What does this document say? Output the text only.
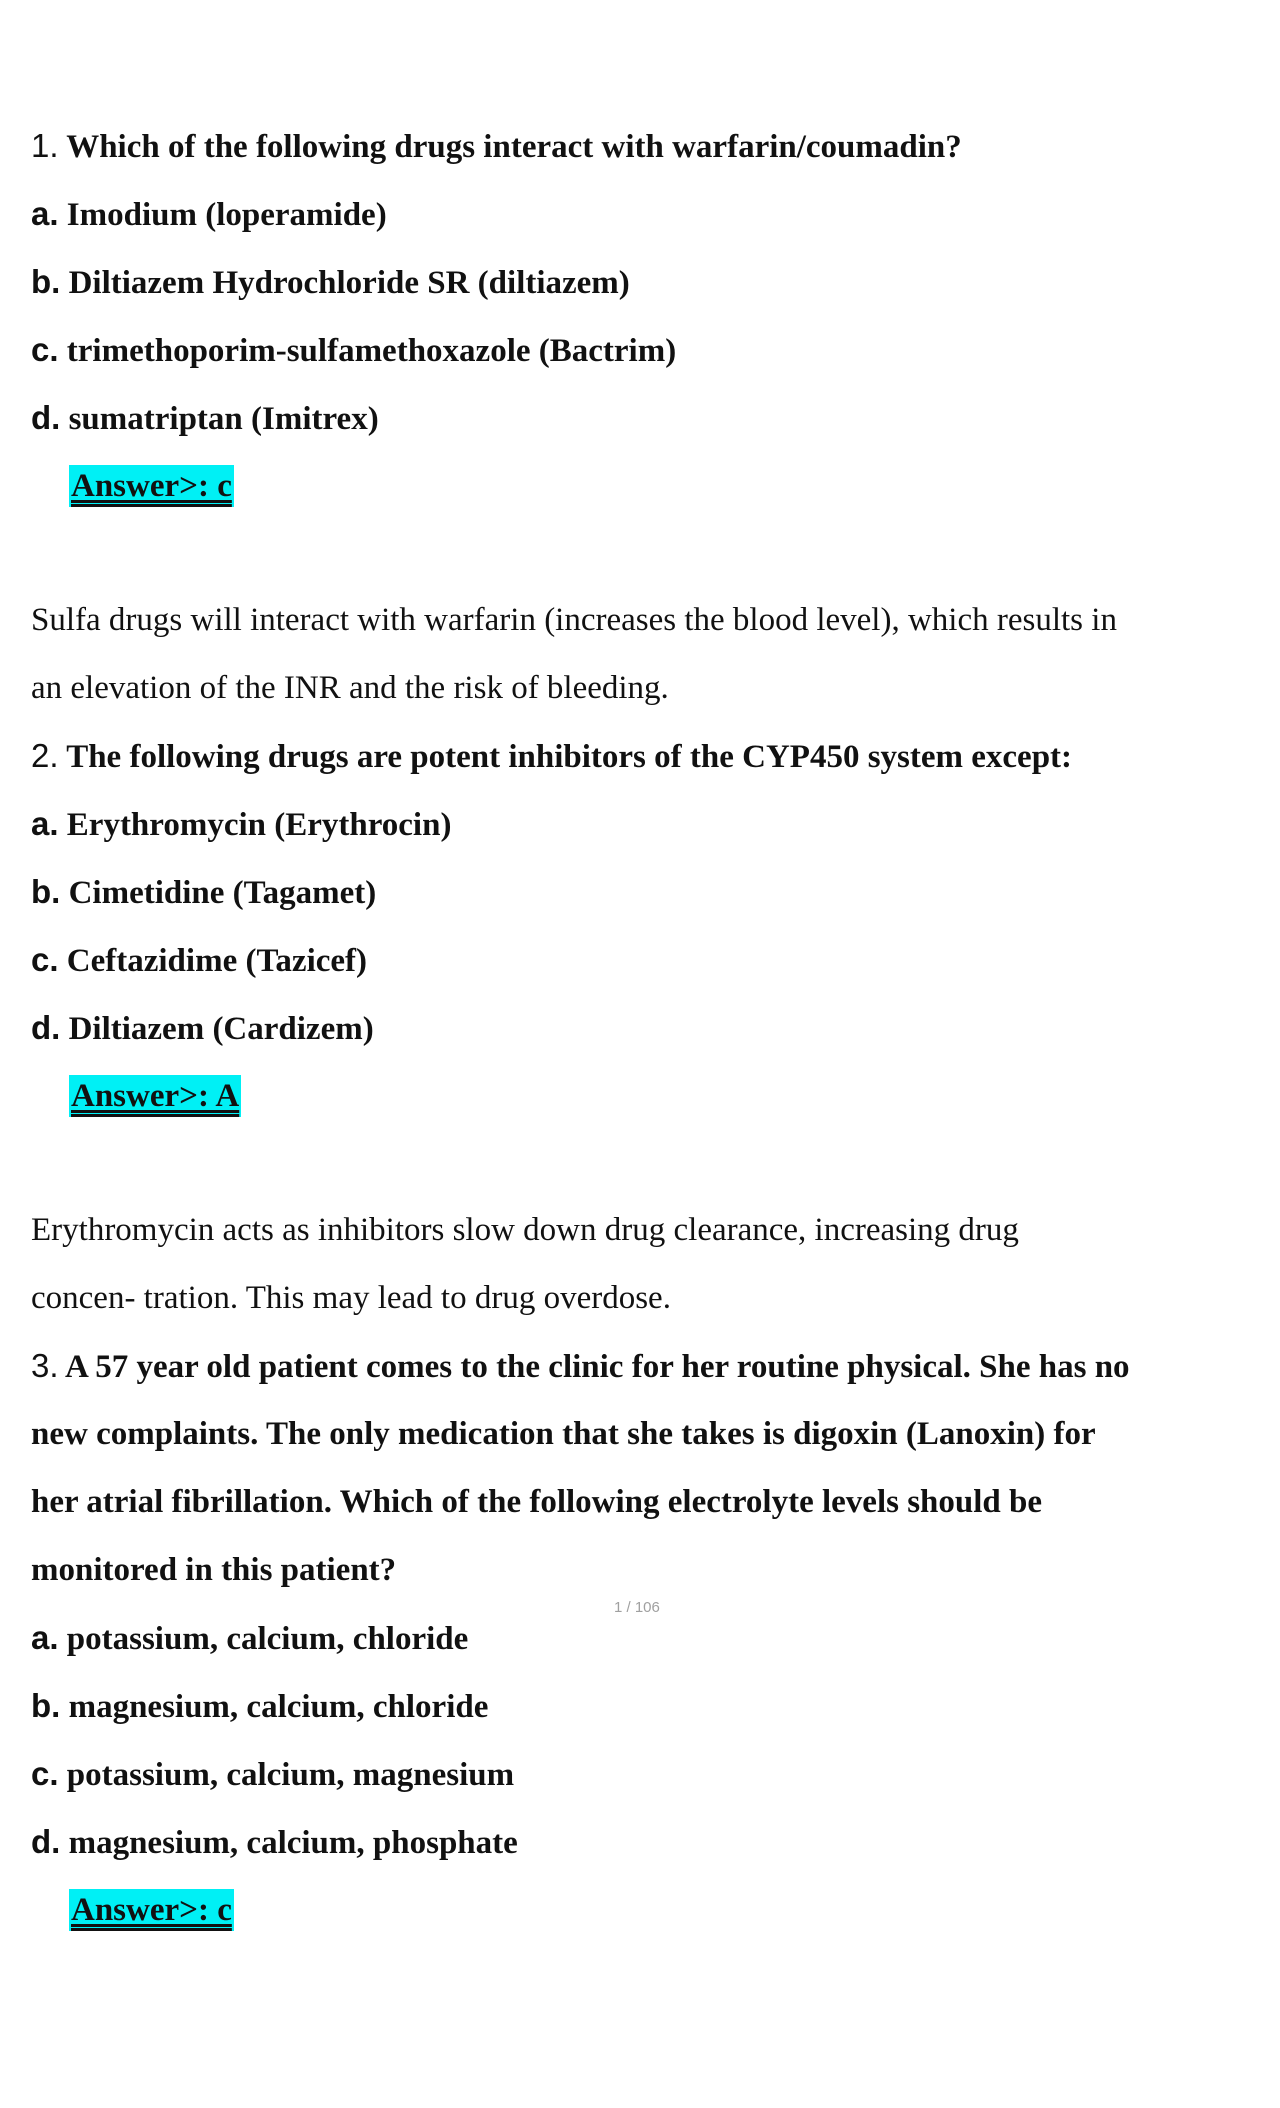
1. Which of the following drugs interact with warfarin/coumadin?
a. Imodium (loperamide)
b. Diltiazem Hydrochloride SR (diltiazem)
c. trimethoporim-sulfamethoxazole (Bactrim)
d. sumatriptan (Imitrex)
Answer>: c
Sulfa drugs will interact with warfarin (increases the blood level), which results in
an elevation of the INR and the risk of bleeding.
2. The following drugs are potent inhibitors of the CYP450 system except:
a. Erythromycin (Erythrocin)
b. Cimetidine (Tagamet)
c. Ceftazidime (Tazicef)
d. Diltiazem (Cardizem)
Answer>: A
Erythromycin acts as inhibitors slow down drug clearance, increasing drug
concen- tration. This may lead to drug overdose.
3. A 57 year old patient comes to the clinic for her routine physical. She has no
new complaints. The only medication that she takes is digoxin (Lanoxin) for
her atrial fibrillation. Which of the following electrolyte levels should be
monitored in this patient?
1 / 106
a. potassium, calcium, chloride
b. magnesium, calcium, chloride
c. potassium, calcium, magnesium
d. magnesium, calcium, phosphate
Answer>: c
